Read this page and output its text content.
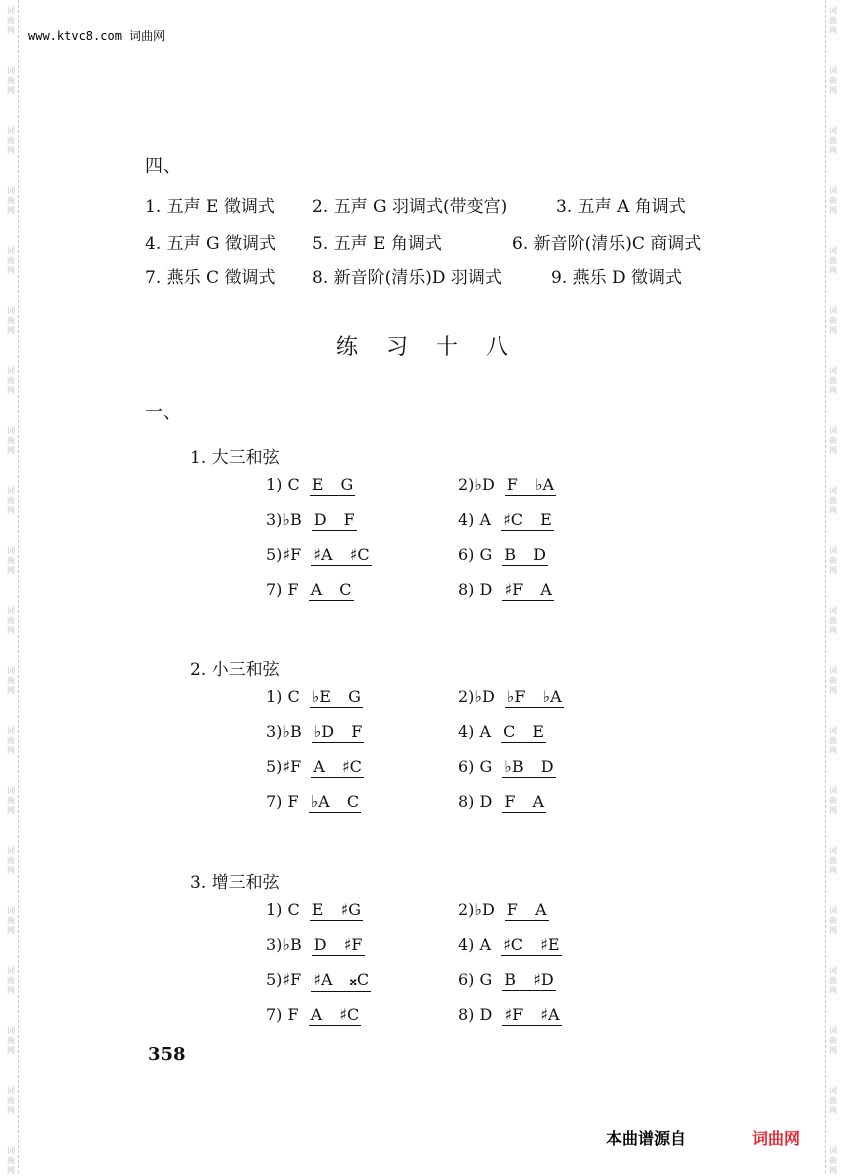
www.ktvc8.com 词曲网
四、
1. 五声 E 徵调式 2. 五声 G 羽调式(带变宫)	3. 五声 A 角调式
4. 五声 G 徵调式 5. 五声 E 角调式	6. 新音阶(清乐)C 商调式
7. 燕乐 C 徵调式 8. 新音阶(清乐)D 羽调式	9. 燕乐 D 徵调式
练习十八
一、
358
本曲谱源自	词曲网
词
曲
网
词
曲
网
词
曲
网
词
曲
网
词
曲
网
词
曲
网
词
曲
网
词
曲
网
词
曲
网
词
曲
网
词
曲
网
词
曲
网
词
曲
网
词
曲
网
词
曲
网
词
曲
网
词
曲
网
词
曲
网
词
曲
网
词
曲
网
词
曲
网
词
曲
网
词
曲
网
词
曲
网
词
曲
网
词
曲
网
词
曲
网
词
曲
网
词
曲
网
词
曲
网
词
曲
网
词
曲
网
词
曲
网
词
曲
网
词
曲
网
词
曲
网
词
曲
网
词
曲
网
词
曲
网
词
曲
网
1. 大三和弦
1) C E G	2)♭D F ♭A
3)♭B D F	4) A ♯C E
5)♯F ♯A ♯C	6) G B D
7) F A C	8) D ♯F A
2. 小三和弦
1) C ♭E G	2)♭D ♭F ♭A
3)♭B ♭D F	4) A C E
5)♯F A ♯C	6) G ♭B D
7) F ♭A C	8) D F A
3. 增三和弦
1) C E ♯G	2)♭D F A
3)♭B D ♯F	4) A ♯C ♯E
5)♯F ♯A 𝄪C	6) G B ♯D
7) F A ♯C	8) D ♯F ♯A
